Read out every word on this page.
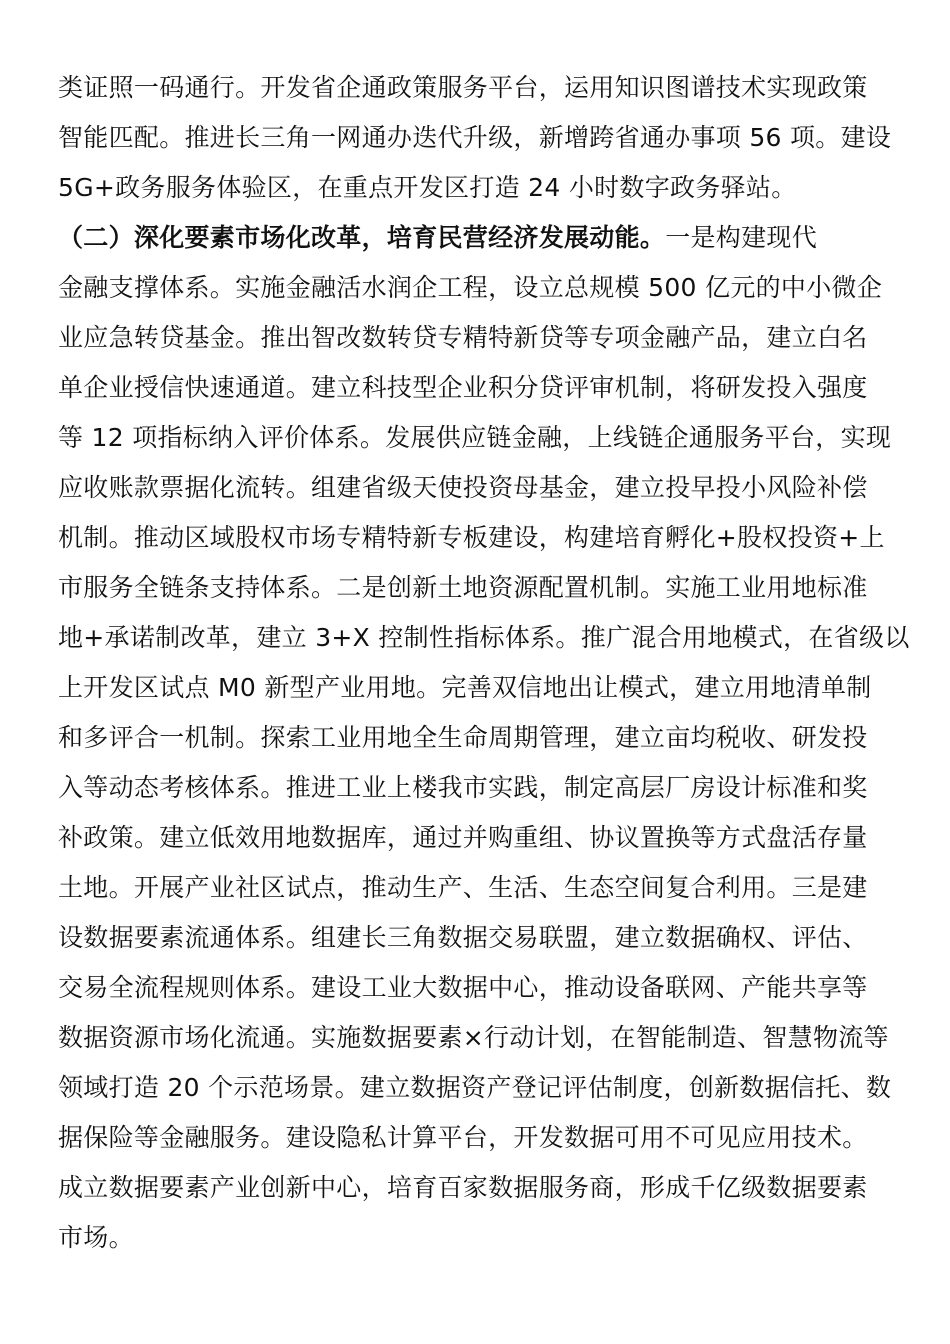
类证照一码通行。开发省企通政策服务平台，运用知识图谱技术实现政策
智能匹配。推进长三角一网通办迭代升级，新增跨省通办事项 56 项。建设
5G+政务服务体验区，在重点开发区打造 24 小时数字政务驿站。
（二）深化要素市场化改革，培育民营经济发展动能。一是构建现代
金融支撑体系。实施金融活水润企工程，设立总规模 500 亿元的中小微企
业应急转贷基金。推出智改数转贷专精特新贷等专项金融产品，建立白名
单企业授信快速通道。建立科技型企业积分贷评审机制，将研发投入强度
等 12 项指标纳入评价体系。发展供应链金融，上线链企通服务平台，实现
应收账款票据化流转。组建省级天使投资母基金，建立投早投小风险补偿
机制。推动区域股权市场专精特新专板建设，构建培育孵化+股权投资+上
市服务全链条支持体系。二是创新土地资源配置机制。实施工业用地标准
地+承诺制改革，建立 3+X 控制性指标体系。推广混合用地模式，在省级以
上开发区试点 M0 新型产业用地。完善双信地出让模式，建立用地清单制
和多评合一机制。探索工业用地全生命周期管理，建立亩均税收、研发投
入等动态考核体系。推进工业上楼我市实践，制定高层厂房设计标准和奖
补政策。建立低效用地数据库，通过并购重组、协议置换等方式盘活存量
土地。开展产业社区试点，推动生产、生活、生态空间复合利用。三是建
设数据要素流通体系。组建长三角数据交易联盟，建立数据确权、评估、
交易全流程规则体系。建设工业大数据中心，推动设备联网、产能共享等
数据资源市场化流通。实施数据要素×行动计划，在智能制造、智慧物流等
领域打造 20 个示范场景。建立数据资产登记评估制度，创新数据信托、数
据保险等金融服务。建设隐私计算平台，开发数据可用不可见应用技术。
成立数据要素产业创新中心，培育百家数据服务商，形成千亿级数据要素
市场。
